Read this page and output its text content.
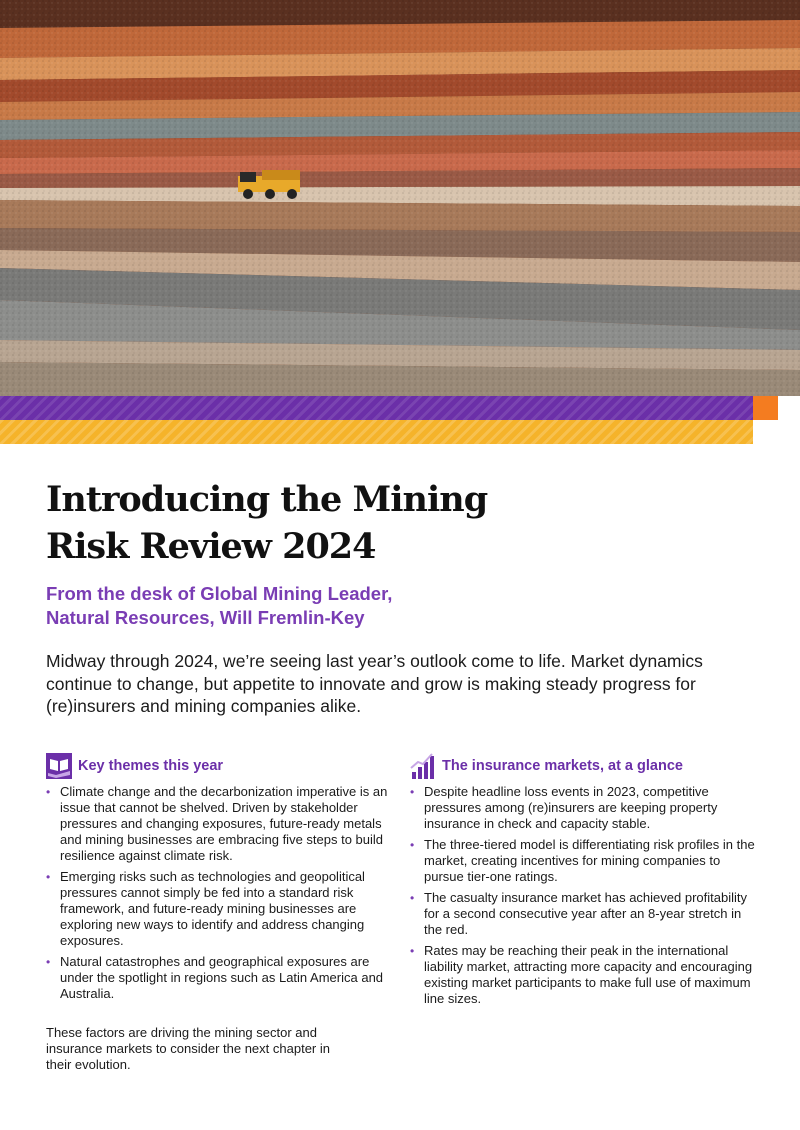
Introducing the Mining
Risk Review 2024

From the desk of Global Mining Leader,
Natural Resources, Will Fremlin-Key

Midway through 2024, we’re seeing last year’s outlook come to life. Market dynamics continue to change, but appetite to innovate and grow is making steady progress for (re)insurers and mining companies alike.

Key themes this year
• Climate change and the decarbonization imperative is an issue that cannot be shelved. Driven by stakeholder pressures and changing exposures, future-ready metals and mining businesses are embracing five steps to build resilience against climate risk.
• Emerging risks such as technologies and geopolitical pressures cannot simply be fed into a standard risk framework, and future-ready mining businesses are exploring new ways to identify and address changing exposures.
• Natural catastrophes and geographical exposures are under the spotlight in regions such as Latin America and Australia.

These factors are driving the mining sector and insurance markets to consider the next chapter in their evolution.

The insurance markets, at a glance
• Despite headline loss events in 2023, competitive pressures among (re)insurers are keeping property insurance in check and capacity stable.
• The three-tiered model is differentiating risk profiles in the market, creating incentives for mining companies to pursue tier-one ratings.
• The casualty insurance market has achieved profitability for a second consecutive year after an 8-year stretch in the red.
• Rates may be reaching their peak in the international liability market, attracting more capacity and encouraging existing market participants to make full use of maximum line sizes.
